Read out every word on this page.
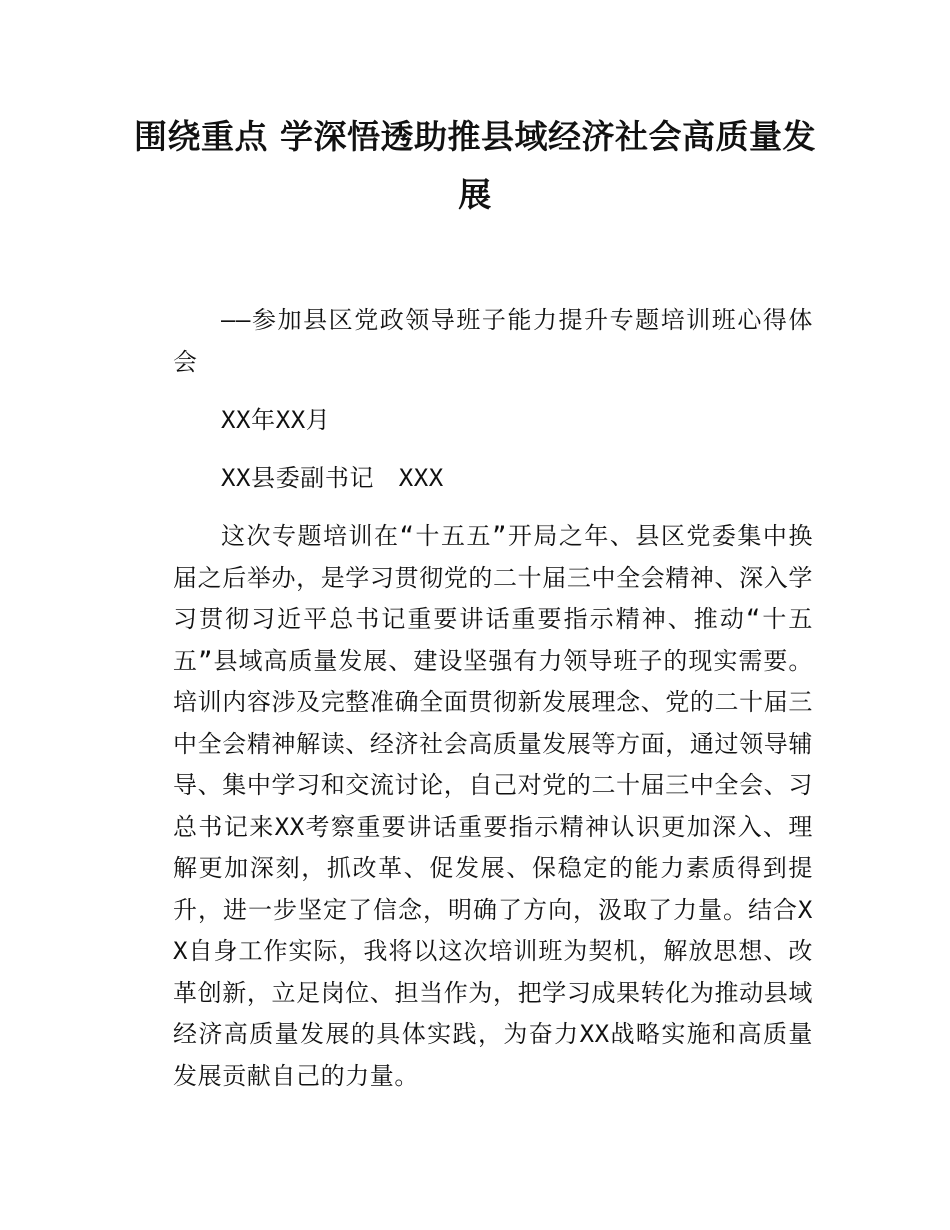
围绕重点 学深悟透助推县域经济社会高质量发展

——参加县区党政领导班子能力提升专题培训班心得体会

XX年XX月

XX县委副书记　XXX

这次专题培训在“十五五”开局之年、县区党委集中换届之后举办，是学习贯彻党的二十届三中全会精神、深入学习贯彻习近平总书记重要讲话重要指示精神、推动“十五五”县域高质量发展、建设坚强有力领导班子的现实需要。培训内容涉及完整准确全面贯彻新发展理念、党的二十届三中全会精神解读、经济社会高质量发展等方面，通过领导辅导、集中学习和交流讨论，自己对党的二十届三中全会、习总书记来XX考察重要讲话重要指示精神认识更加深入、理解更加深刻，抓改革、促发展、保稳定的能力素质得到提升，进一步坚定了信念，明确了方向，汲取了力量。结合XX自身工作实际，我将以这次培训班为契机，解放思想、改革创新，立足岗位、担当作为，把学习成果转化为推动县域经济高质量发展的具体实践，为奋力XX战略实施和高质量发展贡献自己的力量。
